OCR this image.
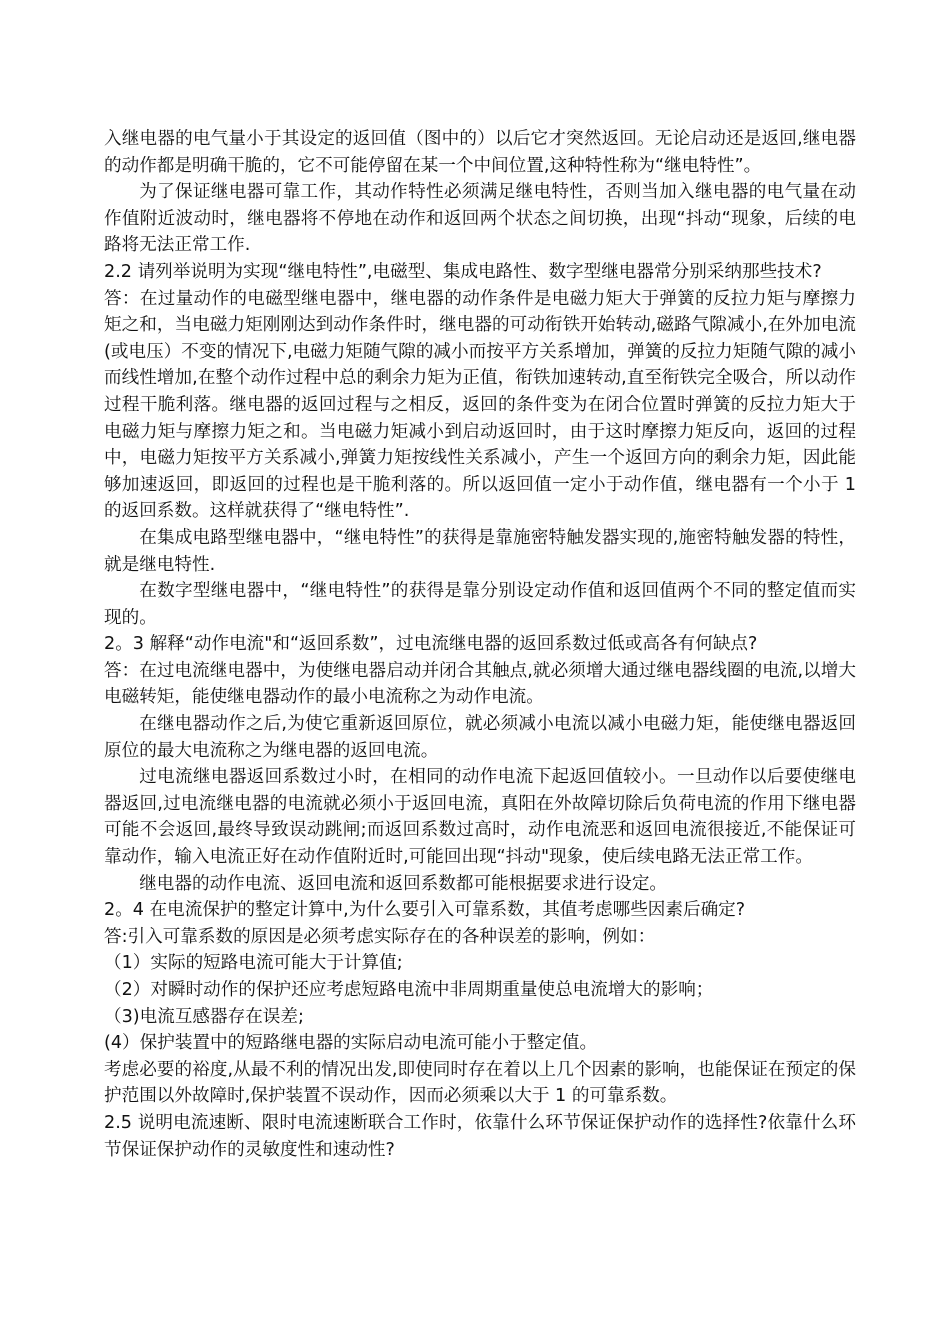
入继电器的电气量小于其设定的返回值（图中的）以后它才突然返回。无论启动还是返回,继电器的动作都是明确干脆的，它不可能停留在某一个中间位置,这种特性称为“继电特性”。

为了保证继电器可靠工作，其动作特性必须满足继电特性，否则当加入继电器的电气量在动作值附近波动时，继电器将不停地在动作和返回两个状态之间切换，出现“抖动“现象，后续的电路将无法正常工作.

2.2 请列举说明为实现“继电特性”,电磁型、集成电路性、数字型继电器常分别采纳那些技术?

答：在过量动作的电磁型继电器中，继电器的动作条件是电磁力矩大于弹簧的反拉力矩与摩擦力矩之和，当电磁力矩刚刚达到动作条件时，继电器的可动衔铁开始转动,磁路气隙减小,在外加电流(或电压）不变的情况下,电磁力矩随气隙的减小而按平方关系增加，弹簧的反拉力矩随气隙的减小而线性增加,在整个动作过程中总的剩余力矩为正值，衔铁加速转动,直至衔铁完全吸合，所以动作过程干脆利落。继电器的返回过程与之相反，返回的条件变为在闭合位置时弹簧的反拉力矩大于电磁力矩与摩擦力矩之和。当电磁力矩减小到启动返回时，由于这时摩擦力矩反向，返回的过程中，电磁力矩按平方关系减小,弹簧力矩按线性关系减小，产生一个返回方向的剩余力矩，因此能够加速返回，即返回的过程也是干脆利落的。所以返回值一定小于动作值，继电器有一个小于 1 的返回系数。这样就获得了“继电特性”.

在集成电路型继电器中，“继电特性”的获得是靠施密特触发器实现的,施密特触发器的特性，就是继电特性.

在数字型继电器中，“继电特性”的获得是靠分别设定动作值和返回值两个不同的整定值而实现的。

2。3 解释“动作电流"和“返回系数”，过电流继电器的返回系数过低或高各有何缺点?

答：在过电流继电器中，为使继电器启动并闭合其触点,就必须增大通过继电器线圈的电流,以增大电磁转矩，能使继电器动作的最小电流称之为动作电流。

在继电器动作之后,为使它重新返回原位，就必须减小电流以减小电磁力矩，能使继电器返回原位的最大电流称之为继电器的返回电流。

过电流继电器返回系数过小时，在相同的动作电流下起返回值较小。一旦动作以后要使继电器返回,过电流继电器的电流就必须小于返回电流，真阳在外故障切除后负荷电流的作用下继电器可能不会返回,最终导致误动跳闸;而返回系数过高时，动作电流恶和返回电流很接近,不能保证可靠动作，输入电流正好在动作值附近时,可能回出现“抖动"现象，使后续电路无法正常工作。

继电器的动作电流、返回电流和返回系数都可能根据要求进行设定。

2。4 在电流保护的整定计算中,为什么要引入可靠系数，其值考虑哪些因素后确定?

答:引入可靠系数的原因是必须考虑实际存在的各种误差的影响，例如：

（1）实际的短路电流可能大于计算值;

（2）对瞬时动作的保护还应考虑短路电流中非周期重量使总电流增大的影响；

（3)电流互感器存在误差;

(4）保护装置中的短路继电器的实际启动电流可能小于整定值。

考虑必要的裕度,从最不利的情况出发,即使同时存在着以上几个因素的影响，也能保证在预定的保护范围以外故障时,保护装置不误动作，因而必须乘以大于 1 的可靠系数。

2.5 说明电流速断、限时电流速断联合工作时，依靠什么环节保证保护动作的选择性?依靠什么环节保证保护动作的灵敏度性和速动性?
